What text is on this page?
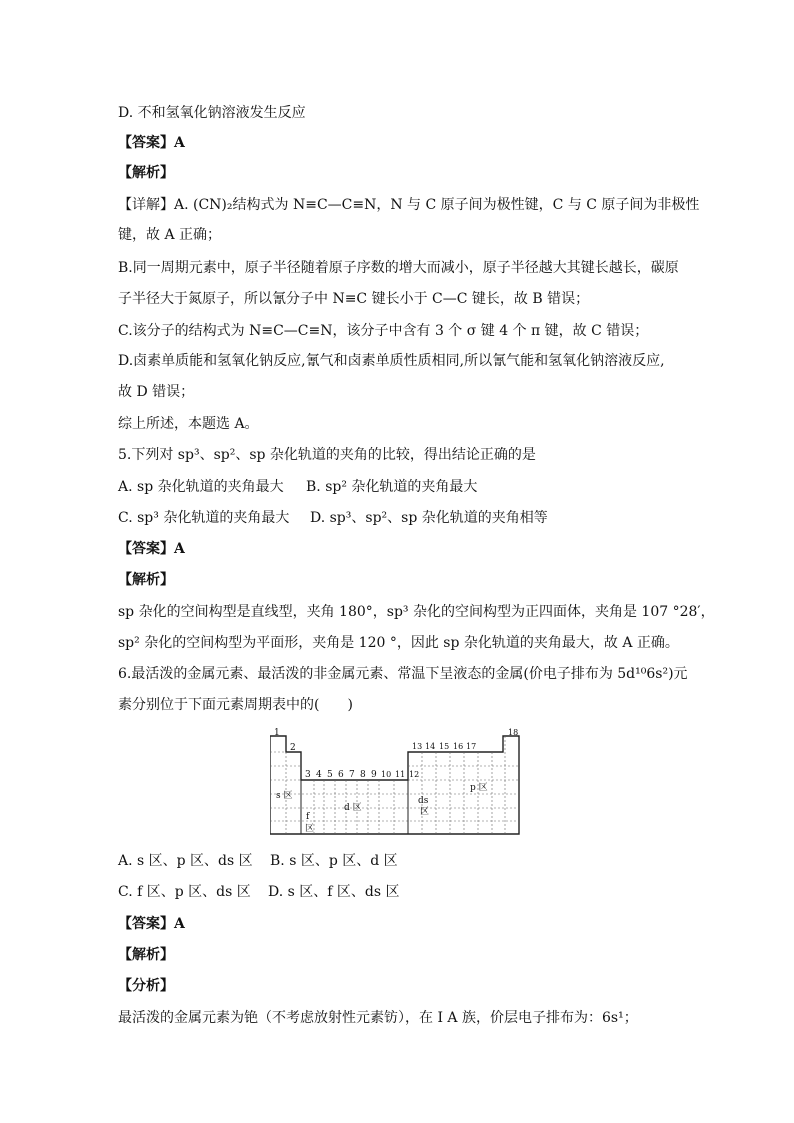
D. 不和氢氧化钠溶液发生反应
【答案】A
【解析】
【详解】A. (CN)₂结构式为 N≡C—C≡N，N 与 C 原子间为极性键，C 与 C 原子间为非极性
键，故 A 正确；
B.同一周期元素中，原子半径随着原子序数的增大而减小，原子半径越大其键长越长，碳原
子半径大于氮原子，所以氰分子中 N≡C 键长小于 C—C 键长，故 B 错误；
C.该分子的结构式为 N≡C—C≡N，该分子中含有 3 个 σ 键 4 个 π 键，故 C 错误；
D.卤素单质能和氢氧化钠反应,氰气和卤素单质性质相同,所以氰气能和氢氧化钠溶液反应,
故 D 错误；
综上所述，本题选 A。
5.下列对 sp³、sp²、sp 杂化轨道的夹角的比较，得出结论正确的是
A. sp 杂化轨道的夹角最大 B. sp² 杂化轨道的夹角最大
C. sp³ 杂化轨道的夹角最大 D. sp³、sp²、sp 杂化轨道的夹角相等
【答案】A
【解析】
sp 杂化的空间构型是直线型，夹角 180°，sp³ 杂化的空间构型为正四面体，夹角是 107 °28′，
sp² 杂化的空间构型为平面形，夹角是 120 °，因此 sp 杂化轨道的夹角最大，故 A 正确。
6.最活泼的金属元素、最活泼的非金属元素、常温下呈液态的金属(价电子排布为 5d¹⁰6s²)元
素分别位于下面元素周期表中的(　　)
1
2
3 4 5 6 7 8 9 10 11 12
13 14 15 16 17
18
s 区
d 区
ds
区
p 区
f
区
A. s 区、p 区、ds 区 B. s 区、p 区、d 区
C. f 区、p 区、ds 区 D. s 区、f 区、ds 区
【答案】A
【解析】
【分析】
最活泼的金属元素为铯（不考虑放射性元素钫），在 I A 族，价层电子排布为：6s¹；
